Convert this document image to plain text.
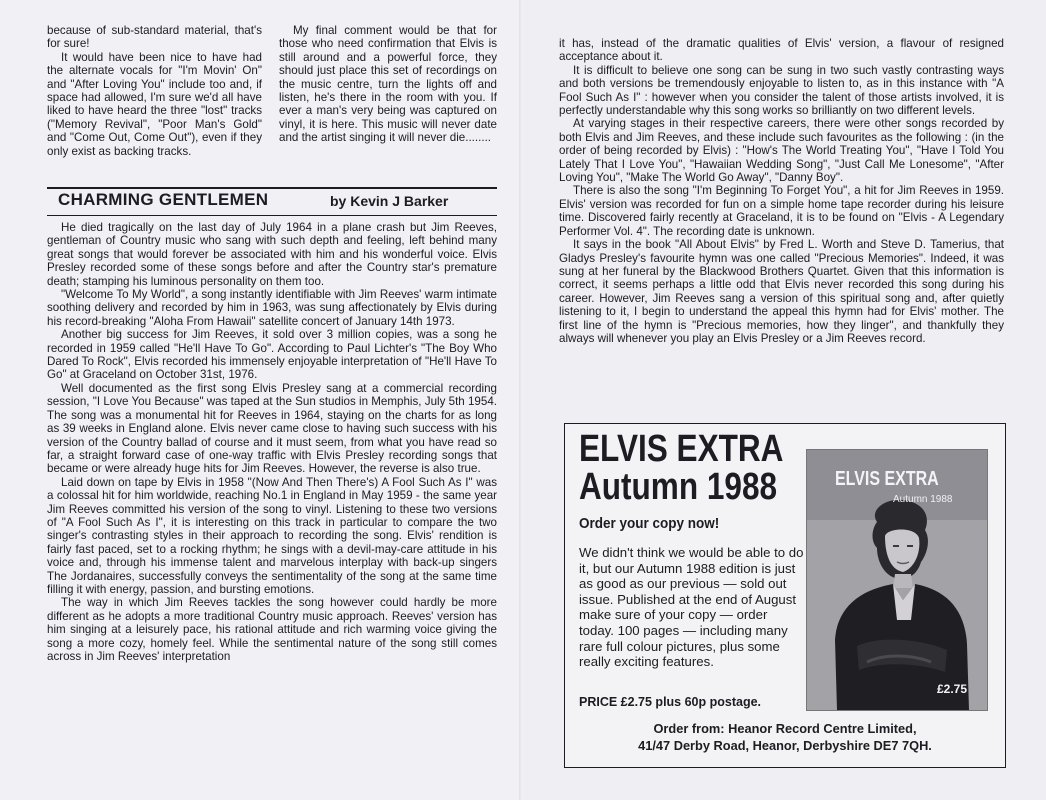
because of sub-standard material, that's for sure!

It would have been nice to have had the alternate vocals for "I'm Movin' On" and "After Loving You" include too and, if space had allowed, I'm sure we'd all have liked to have heard the three "lost" tracks ("Memory Revival", "Poor Man's Gold" and "Come Out, Come Out"), even if they only exist as backing tracks.

My final comment would be that for those who need confirmation that Elvis is still around and a powerful force, they should just place this set of recordings on the music centre, turn the lights off and listen, he's there in the room with you. If ever a man's very being was captured on vinyl, it is here. This music will never date and the artist singing it will never die........

CHARMING GENTLEMEN	by Kevin J Barker

He died tragically on the last day of July 1964 in a plane crash but Jim Reeves, gentleman of Country music who sang with such depth and feeling, left behind many great songs that would forever be associated with him and his wonderful voice. Elvis Presley recorded some of these songs before and after the Country star's premature death; stamping his luminous personality on them too.

"Welcome To My World", a song instantly identifiable with Jim Reeves' warm intimate soothing delivery and recorded by him in 1963, was sung affectionately by Elvis during his record-breaking "Aloha From Hawaii" satellite concert of January 14th 1973.

Another big success for Jim Reeves, it sold over 3 million copies, was a song he recorded in 1959 called "He'll Have To Go". According to Paul Lichter's "The Boy Who Dared To Rock", Elvis recorded his immensely enjoyable interpretation of "He'll Have To Go" at Graceland on October 31st, 1976.

Well documented as the first song Elvis Presley sang at a commercial recording session, "I Love You Because" was taped at the Sun studios in Memphis, July 5th 1954. The song was a monumental hit for Reeves in 1964, staying on the charts for as long as 39 weeks in England alone. Elvis never came close to having such success with his version of the Country ballad of course and it must seem, from what you have read so far, a straight forward case of one-way traffic with Elvis Presley recording songs that became or were already huge hits for Jim Reeves. However, the reverse is also true.

Laid down on tape by Elvis in 1958 "(Now And Then There's) A Fool Such As I" was a colossal hit for him worldwide, reaching No.1 in England in May 1959 - the same year Jim Reeves committed his version of the song to vinyl. Listening to these two versions of "A Fool Such As I", it is interesting on this track in particular to compare the two singer's contrasting styles in their approach to recording the song. Elvis' rendition is fairly fast paced, set to a rocking rhythm; he sings with a devil-may-care attitude in his voice and, through his immense talent and marvelous interplay with back-up singers The Jordanaires, successfully conveys the sentimentality of the song at the same time filling it with energy, passion, and bursting emotions.

The way in which Jim Reeves tackles the song however could hardly be more different as he adopts a more traditional Country music approach. Reeves' version has him singing at a leisurely pace, his rational attitude and rich warming voice giving the song a more cozy, homely feel. While the sentimental nature of the song still comes across in Jim Reeves' interpretation

it has, instead of the dramatic qualities of Elvis' version, a flavour of resigned acceptance about it.

It is difficult to believe one song can be sung in two such vastly contrasting ways and both versions be tremendously enjoyable to listen to, as in this instance with "A Fool Such As I" : however when you consider the talent of those artists involved, it is perfectly understandable why this song works so brilliantly on two different levels.

At varying stages in their respective careers, there were other songs recorded by both Elvis and Jim Reeves, and these include such favourites as the following : (in the order of being recorded by Elvis) : "How's The World Treating You", "Have I Told You Lately That I Love You", "Hawaiian Wedding Song", "Just Call Me Lonesome", "After Loving You", "Make The World Go Away", "Danny Boy".

There is also the song "I'm Beginning To Forget You", a hit for Jim Reeves in 1959. Elvis' version was recorded for fun on a simple home tape recorder during his leisure time. Discovered fairly recently at Graceland, it is to be found on "Elvis - A Legendary Performer Vol. 4". The recording date is unknown.

It says in the book "All About Elvis" by Fred L. Worth and Steve D. Tamerius, that Gladys Presley's favourite hymn was one called "Precious Memories". Indeed, it was sung at her funeral by the Blackwood Brothers Quartet. Given that this information is correct, it seems perhaps a little odd that Elvis never recorded this song during his career. However, Jim Reeves sang a version of this spiritual song and, after quietly listening to it, I begin to understand the appeal this hymn had for Elvis' mother. The first line of the hymn is "Precious memories, how they linger", and thankfully they always will whenever you play an Elvis Presley or a Jim Reeves record.

ELVIS EXTRA
Autumn 1988
Order your copy now!
We didn't think we would be able to do it, but our Autumn 1988 edition is just as good as our previous — sold out issue. Published at the end of August make sure of your copy — order today. 100 pages — including many rare full colour pictures, plus some really exciting features.
PRICE £2.75 plus 60p postage.
Order from: Heanor Record Centre Limited,
41/47 Derby Road, Heanor, Derbyshire DE7 7QH.
ELVIS EXTRA
Autumn 1988
£2.75
